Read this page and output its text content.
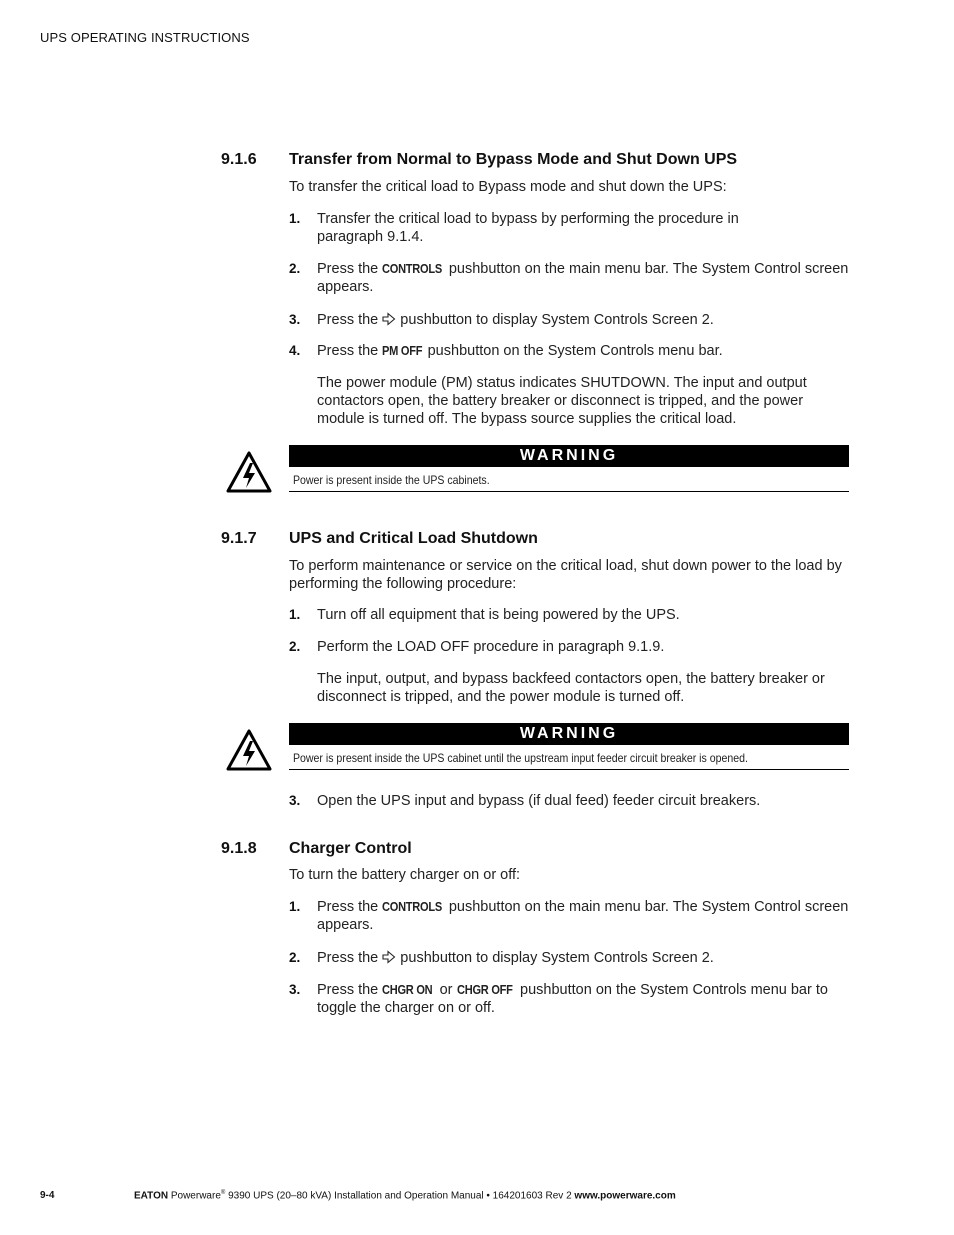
UPS OPERATING INSTRUCTIONS
9.1.6 Transfer from Normal to Bypass Mode and Shut Down UPS
To transfer the critical load to Bypass mode and shut down the UPS:
1. Transfer the critical load to bypass by performing the procedure in paragraph 9.1.4.
2. Press the CONTROLS pushbutton on the main menu bar. The System Control screen appears.
3. Press the  pushbutton to display System Controls Screen 2.
4. Press the PM OFF pushbutton on the System Controls menu bar.
The power module (PM) status indicates SHUTDOWN. The input and output contactors open, the battery breaker or disconnect is tripped, and the power module is turned off. The bypass source supplies the critical load.
WARNING
Power is present inside the UPS cabinets.
9.1.7 UPS and Critical Load Shutdown
To perform maintenance or service on the critical load, shut down power to the load by performing the following procedure:
1. Turn off all equipment that is being powered by the UPS.
2. Perform the LOAD OFF procedure in paragraph 9.1.9.
The input, output, and bypass backfeed contactors open, the battery breaker or disconnect is tripped, and the power module is turned off.
WARNING
Power is present inside the UPS cabinet until the upstream input feeder circuit breaker is opened.
3. Open the UPS input and bypass (if dual feed) feeder circuit breakers.
9.1.8 Charger Control
To turn the battery charger on or off:
1. Press the CONTROLS pushbutton on the main menu bar. The System Control screen appears.
2. Press the  pushbutton to display System Controls Screen 2.
3. Press the CHGR ON or CHGR OFF pushbutton on the System Controls menu bar to toggle the charger on or off.
9-4	EATON Powerware® 9390 UPS (20–80 kVA) Installation and Operation Manual • 164201603 Rev 2 www.powerware.com
